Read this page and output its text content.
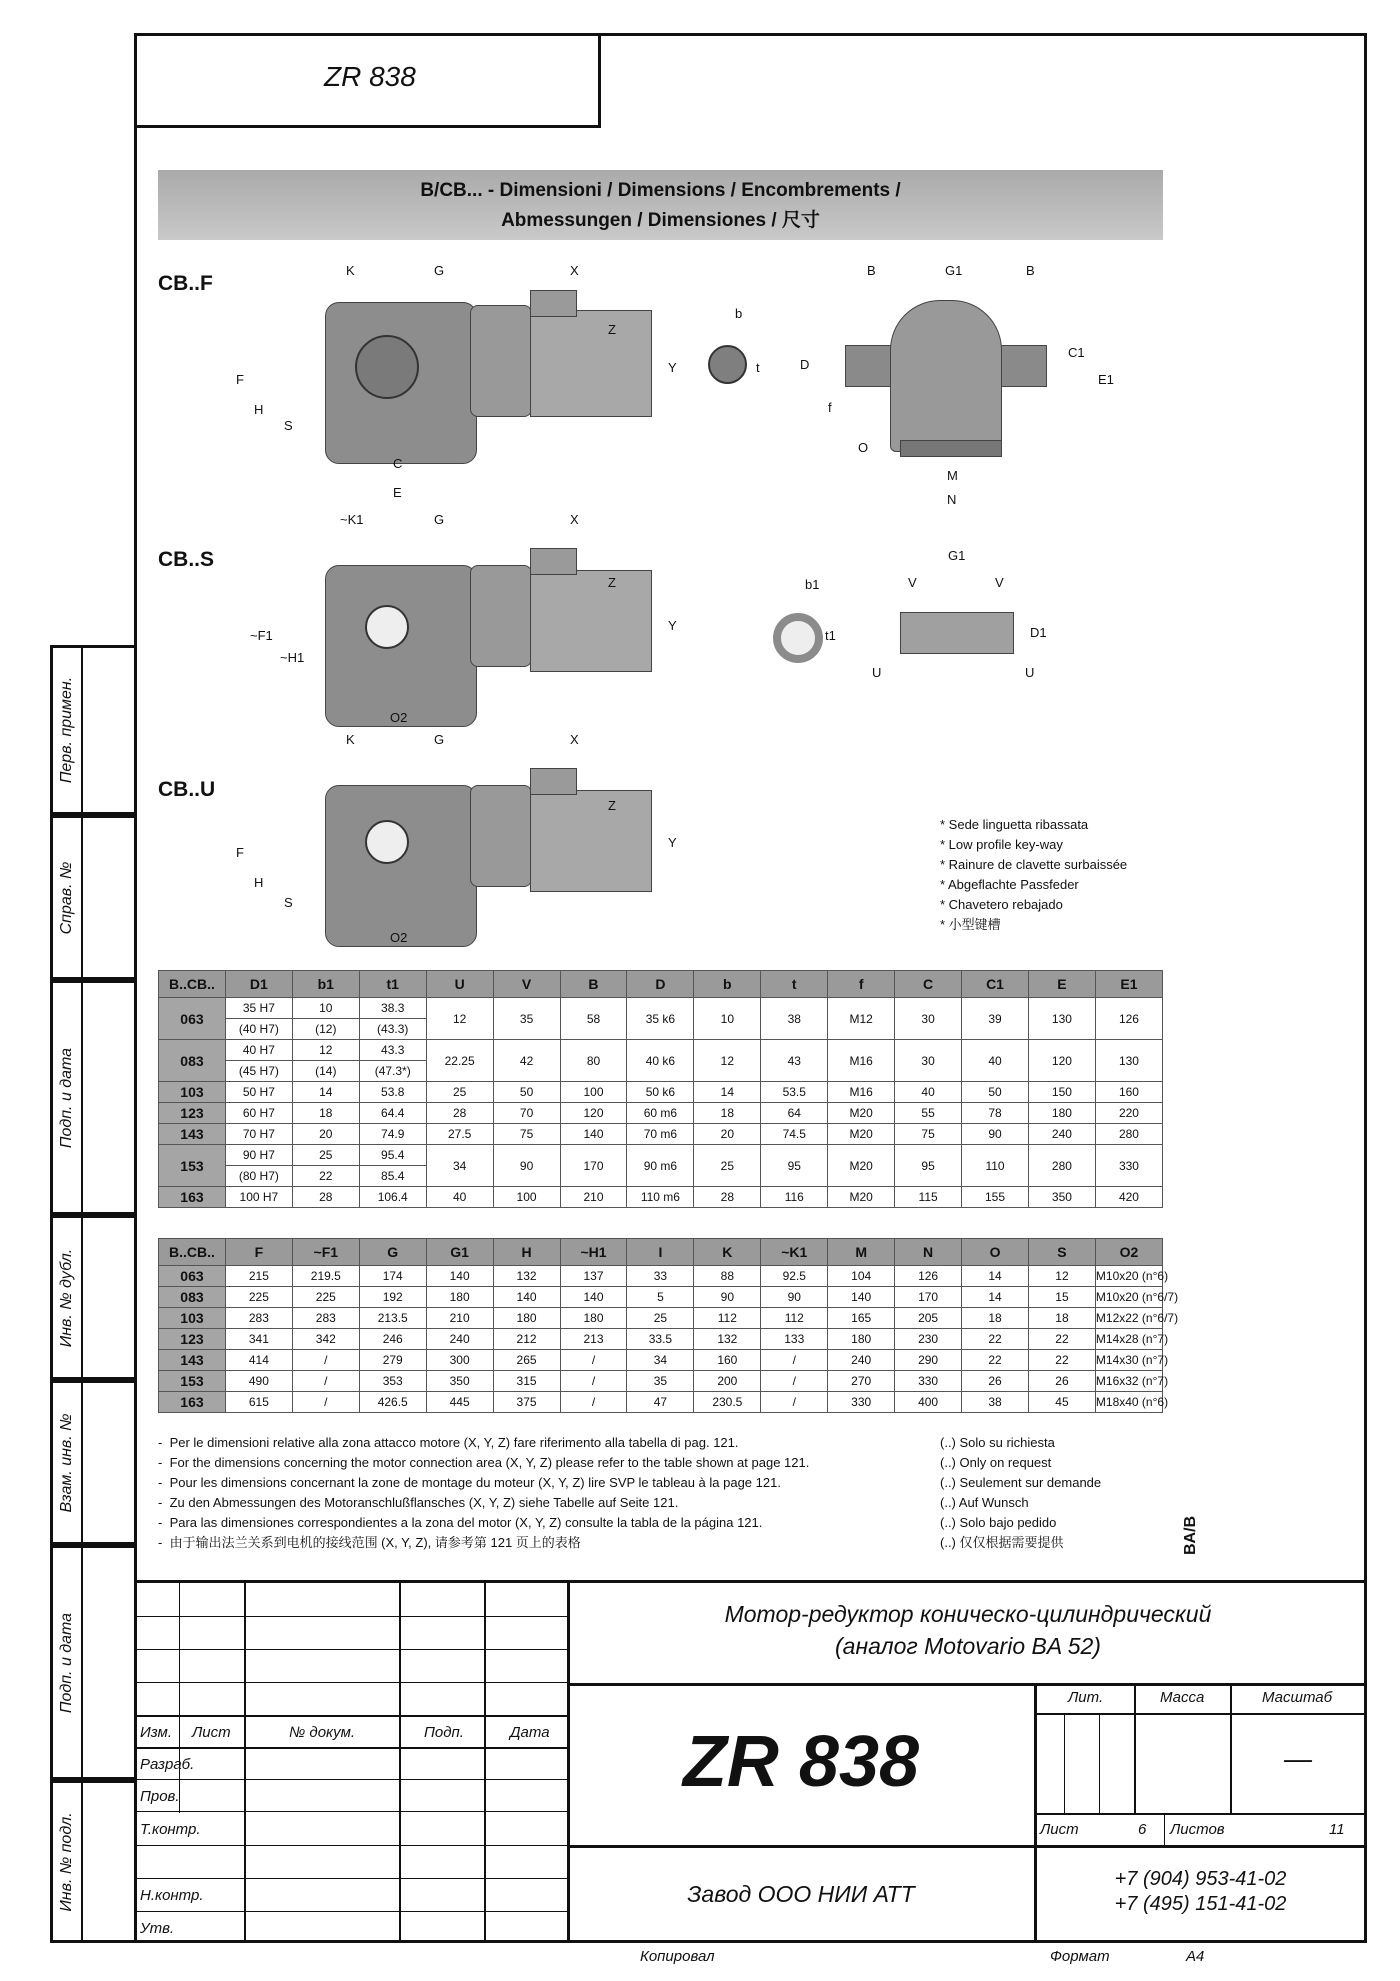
ZR 838
Перв. примен.
Справ. №
Подп. и дата
Инв. № дубл.
Взам. инв. №
Подп. и дата
Инв. № подл.
B/CB... - Dimensioni / Dimensions / Encombrements /
Abmessungen / Dimensiones / 尺寸
CB..F
K	G	X
F
H
S
C
E
Y
Z
b
t	D
f
O
B	G1	B
C1
E1
M
N
CB..S
~K1	G	X
~F1
~H1
O2
Y
Z	b1
t1
G1
V	V
D1
U	U
CB..U
K	G	X
F
H
S
O2
Y
Z
* Sede linguetta ribassata
* Low profile key-way
* Rainure de clavette surbaissée
* Abgeflachte Passfeder
* Chavetero rebajado
* 小型键槽
B..CB..	D1	b1	t1	U	V	B	D	b	t	f	C	C1	E	E1
063	35 H7	10	38.3	12	35	58	35 k6	10	38	M12	30	39	130	126
	(40 H7)	(12)	(43.3)											
083	40 H7	12	43.3	22.25	42	80	40 k6	12	43	M16	30	40	120	130
	(45 H7)	(14)	(47.3*)											
103	50 H7	14	53.8	25	50	100	50 k6	14	53.5	M16	40	50	150	160
123	60 H7	18	64.4	28	70	120	60 m6	18	64	M20	55	78	180	220
143	70 H7	20	74.9	27.5	75	140	70 m6	20	74.5	M20	75	90	240	280
153	90 H7	25	95.4	34	90	170	90 m6	25	95	M20	95	110	280	330
	(80 H7)	22	85.4											
163	100 H7	28	106.4	40	100	210	110 m6	28	116	M20	115	155	350	420
B..CB..	F	~F1	G	G1	H	~H1	I	K	~K1	M	N	O	S	O2
063	215	219.5	174	140	132	137	33	88	92.5	104	126	14	12	M10x20 (n°6)
083	225	225	192	180	140	140	5	90	90	140	170	14	15	M10x20 (n°6/7)
103	283	283	213.5	210	180	180	25	112	112	165	205	18	18	M12x22 (n°6/7)
123	341	342	246	240	212	213	33.5	132	133	180	230	22	22	M14x28 (n°7)
143	414	/	279	300	265	/	34	160	/	240	290	22	22	M14x30 (n°7)
153	490	/	353	350	315	/	35	200	/	270	330	26	26	M16x32 (n°7)
163	615	/	426.5	445	375	/	47	230.5	/	330	400	38	45	M18x40 (n°6)
-  Per le dimensioni relative alla zona attacco motore (X, Y, Z) fare riferimento alla tabella di pag. 121.
-  For the dimensions concerning the motor connection area (X, Y, Z) please refer to the table shown at page 121.
-  Pour les dimensions concernant la zone de montage du moteur (X, Y, Z) lire SVP le tableau à la page 121.
-  Zu den Abmessungen des Motoranschlußflansches (X, Y, Z) siehe Tabelle auf Seite 121.
-  Para las dimensiones correspondientes a la zona del motor (X, Y, Z) consulte la tabla de la página 121.
-  由于输出法兰关系到电机的接线范围 (X, Y, Z), 请参考第 121 页上的表格
(..) Solo su richiesta
(..) Only on request
(..) Seulement sur demande
(..) Auf Wunsch
(..) Solo bajo pedido
(..) 仅仅根据需要提供	BA/B
Изм. Лист	№ докум.	Подп.	Дата
Разраб.
Пров.
Т.контр.
Н.контр.
Утв.
Мотор-редуктор коническо-цилиндрический
(аналог Motovario BA 52)
ZR 838
Лит.	Масса	Масштаб
—
Лист	6 Листов	11
Завод ООО НИИ АТТ
+7 (904) 953-41-02
+7 (495) 151-41-02
Копировал	Формат	A4
